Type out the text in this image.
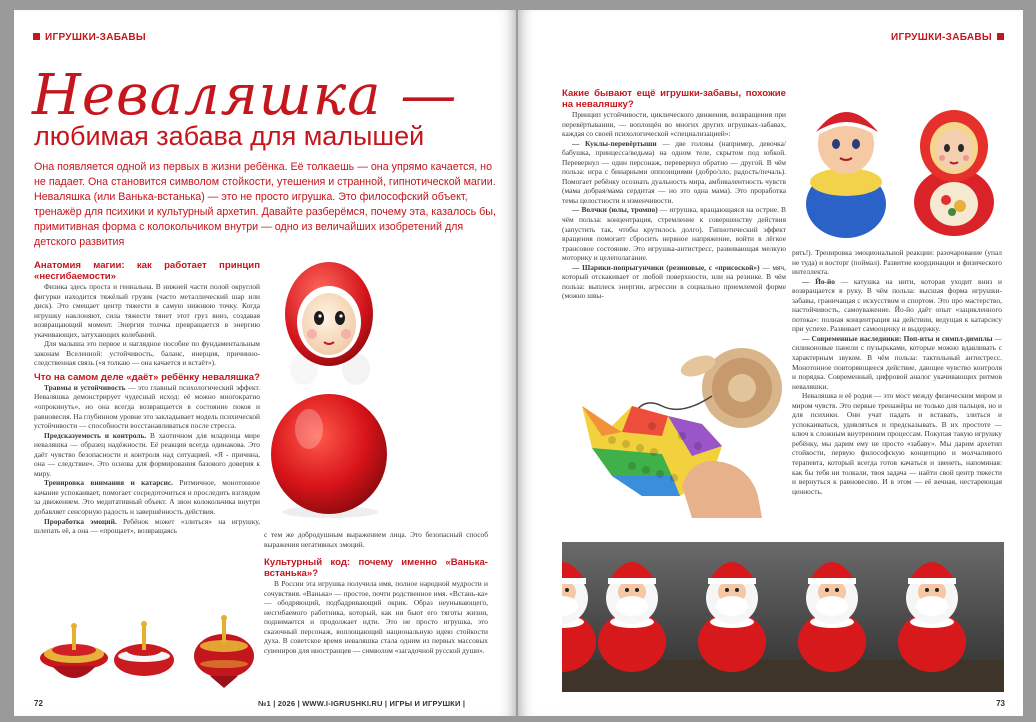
ИГРУШКИ-ЗАБАВЫ
Неваляшка —
любимая забава для малышей
Она появляется одной из первых в жизни ребёнка. Её толкаешь — она упрямо качается, но не падает. Она становится символом стойкости, утешения и странной, гипнотической магии. Неваляшка (или Ванька-встанька) — это не просто игрушка. Это философский объект, тренажёр для психики и культурный архетип. Давайте разберёмся, почему эта, казалось бы, примитивная форма с колокольчиком внутри — одно из величайших изобретений для детского развития
Анатомия магии: как работает принцип «несгибаемости»

Физика здесь проста и гениальна. В нижней части полой округлой фигурки находится тяжёлый грузик (часто металлический шар или диск). Это смещает центр тяжести в самую нижнюю точку. Когда игрушку наклоняют, сила тяжести тянет этот груз вниз, создавая возвращающий момент. Энергия толчка превращается в энергию укачивающих, затухающих колебаний.

Для малыша это первое и наглядное пособие по фундаментальным законам Вселенной: устойчивость, баланс, инерция, причинно-следственная связь («я толкаю — она качается и встаёт»).

Что на самом деле «даёт» ребёнку неваляшка?

Травмы и устойчивость — это главный психологический эффект. Неваляшка демонстрирует чудесный исход: её можно многократно «опрокинуть», но она всегда возвращается в состояние покоя и равновесия. На глубинном уровне это закладывает модель психической устойчивости — способности восстанавливаться после стресса.

Предсказуемость и контроль. В хаотичном для младенца мире неваляшка — образец надёжности. Её реакция всегда одинакова. Это даёт чувство безопасности и контроля над ситуацией. «Я - причина, она — следствие». Это основа для формирования базового доверия к миру.

Тренировка внимания и катарсис. Ритмичное, монотонное качание успокаивает, помогает сосредоточиться и проследить взглядом за движением. Это медитативный объект. А звон колокольчика внутри добавляет сенсорную радость и завершённость действия.

Проработка эмоций. Ребёнок может «злиться» на игрушку, шлепать её, а она — «прощает», возвращаясь	с тем же добродушным выражением лица. Это безопасный способ выражения негативных эмоций.

Культурный код: почему именно «Ванька-встанька»?

В России эта игрушка получила имя, полное народной мудрости и сочувствия. «Ванька» — простое, почти родственное имя. «Встань-ка» — ободряющий, подбадривающий окрик. Образ неунывающего, несгибаемого работника, который, как ни бьют его тяготы жизни, поднимается и продолжает идти. Это не просто игрушка, это сказочный персонаж, воплощающий национальную идею стойкости духа. В советское время неваляшка стала одним из первых массовых сувениров для иностранцев — символом «загадочной русской души».

72	№1 | 2026 | WWW.I-IGRUSHKI.RU | ИГРЫ И ИГРУШКИ |
ИГРУШКИ-ЗАБАВЫ
Какие бывают ещё игрушки-забавы, похожие на неваляшку?

Принцип устойчивости, циклического движения, возвращения при перевёртывании, — воплощён во многих других игрушках-забавах, каждая со своей психологической «специализацией»:

— Куклы-перевёртыши — две головы (например, девочка/бабушка, принцесса/ведьма) на одном теле, скрытом под юбкой. Перевернул — один персонаж, перевернул обратно — другой. В чём польза: игра с бинарными оппозициями (добро/зло, радость/печаль). Помогает ребёнку осознать дуальность мира, амбивалентность чувств (мама добрая/мама сердитая — но это одна мама). Это проработка темы целостности и изменчивости.

— Волчки (юлы, тромпо) — игрушка, вращающаяся на острие. В чём польза: концентрация, стремление к совершенству действия (запустить так, чтобы крутилось долго). Гипнотический эффект вращения помогает сбросить нервное напряжение, войти в лёгкое трансовое состояние. Это игрушка-антистресс, развивающая мелкую моторику и целеполагание.

— Шарики-попрыгунчики (резиновые, с «присоской») — мяч, который отскакивает от любой поверхности, или на резинке. В чём польза: выплеск энергии, агрессии в социально приемлемой форме (можно швы-

рять!). Тренировка эмоциональной реакции: разочарование (упал не туда) и восторг (поймал). Развитие координации и физического интеллекта.

— Йо-йо — катушка на нити, которая уходит вниз и возвращается в руку. В чём польза: высшая форма игрушки-забавы, граничащая с искусством и спортом. Это про мастерство, настойчивость, самоуважение. Йо-йо даёт опыт «зацикленного потока»: полная концентрация на действии, ведущая к катарсису при успехе. Развивает самооценку и выдержку.

— Современные наследники: Поп-иты и симпл-димплы — силиконовые панели с пузырьками, которые можно вдавливать с характерным звуком. В чём польза: тактильный антистресс. Монотонное повторяющееся действие, дающее чувство контроля и порядка. Современный, цифровой аналог укачивающих ритмов неваляшки.

Неваляшка и её родня — это мост между физическим миром и миром чувств. Это первые тренажёры не только для пальцев, но и для психики. Они учат падать и вставать, злиться и успокаиваться, удивляться и предсказывать. В их простоте — ключ к сложным внутренним процессам. Покупая такую игрушку ребёнку, мы дарим ему не просто «забаву». Мы дарим архетип стойкости, первую философскую концепцию и молчаливого терапевта, который всегда готов качаться и звенеть, напоминая: как бы тебя ни толкали, твоя задача — найти свой центр тяжести и вернуться к равновесию. И в этом — её вечная, нестареющая ценность.

73
